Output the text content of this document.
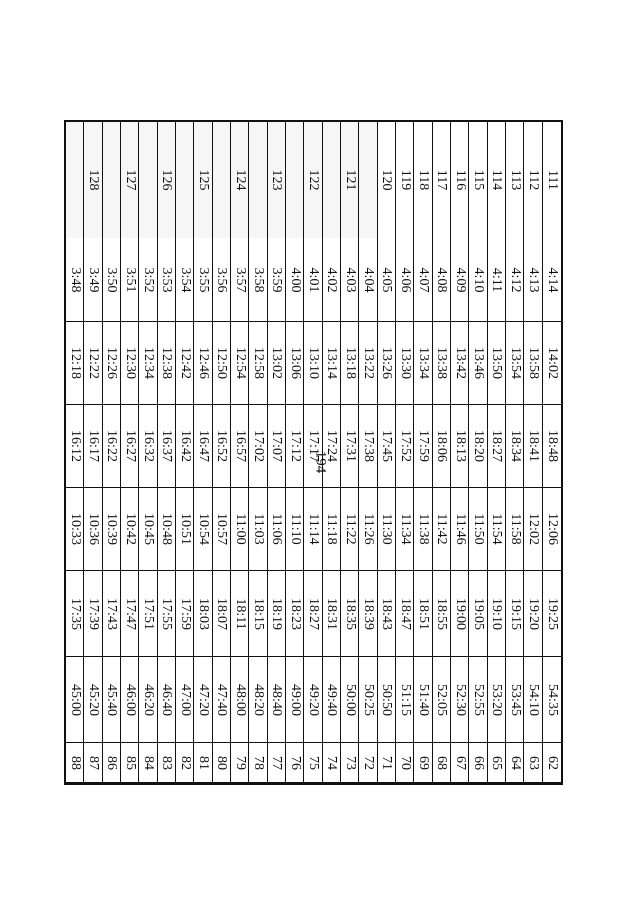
194
88
45:00
17:35
10:33
16:12
12:18
3:48
87
45:20
17:39
10:36
16:17
12:22
3:49
128
86
45:40
17:43
10:39
16:22
12:26
3:50
85
46:00
17:47
10:42
16:27
12:30
3:51
127
84
46:20
17:51
10:45
16:32
12:34
3:52
83
46:40
17:55
10:48
16:37
12:38
3:53
126
82
47:00
17:59
10:51
16:42
12:42
3:54
81
47:20
18:03
10:54
16:47
12:46
3:55
125
80
47:40
18:07
10:57
16:52
12:50
3:56
79
48:00
18:11
11:00
16:57
12:54
3:57
124
78
48:20
18:15
11:03
17:02
12:58
3:58
77
48:40
18:19
11:06
17:07
13:02
3:59
123
76
49:00
18:23
11:10
17:12
13:06
4:00
75
49:20
18:27
11:14
17:17
13:10
4:01
122
74
49:40
18:31
11:18
17:24
13:14
4:02
73
50:00
18:35
11:22
17:31
13:18
4:03
121
72
50:25
18:39
11:26
17:38
13:22
4:04
71
50:50
18:43
11:30
17:45
13:26
4:05
120
70
51:15
18:47
11:34
17:52
13:30
4:06
119
69
51:40
18:51
11:38
17:59
13:34
4:07
118
68
52:05
18:55
11:42
18:06
13:38
4:08
117
67
52:30
19:00
11:46
18:13
13:42
4:09
116
66
52:55
19:05
11:50
18:20
13:46
4:10
115
65
53:20
19:10
11:54
18:27
13:50
4:11
114
64
53:45
19:15
11:58
18:34
13:54
4:12
113
63
54:10
19:20
12:02
18:41
13:58
4:13
112
62
54:35
19:25
12:06
18:48
14:02
4:14
111
